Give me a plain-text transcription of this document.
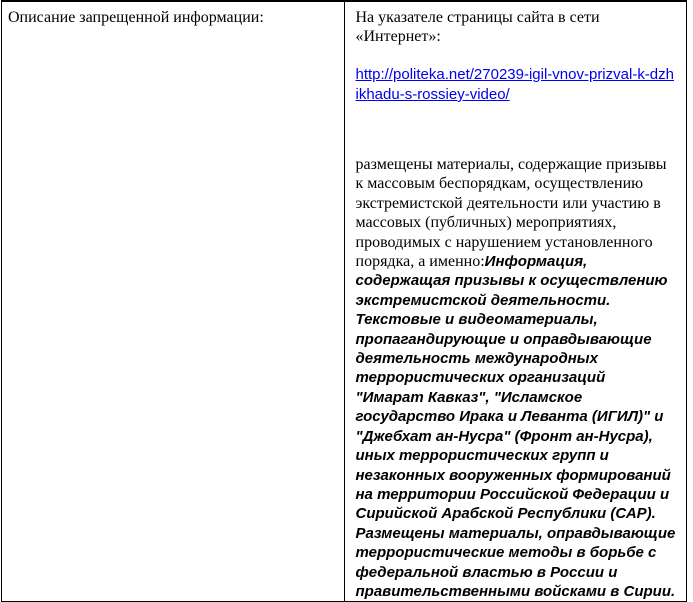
Описание запрещенной информации:	На указателе страницы сайта в сети «Интернет»:
http://politeka.net/270239-igil-vnov-prizval-k-dzhikhadu-s-rossiey-video/
размещены материалы, содержащие призывы к массовым беспорядкам, осуществлению экстремистской деятельности или участию в массовых (публичных) мероприятиях, проводимых с нарушением установленного порядка, а именно:Информация, содержащая призывы к осуществлению экстремистской деятельности. Текстовые и видеоматериалы, пропагандирующие и оправдывающие деятельность международных террористических организаций "Имарат Кавказ", "Исламское государство Ирака и Леванта (ИГИЛ)" и "Джебхат ан-Нусра" (Фронт ан-Нусра), иных террористических групп и незаконных вооруженных формирований на территории Российской Федерации и Сирийской Арабской Республики (САР). Размещены материалы, оправдывающие террористические методы в борьбе с федеральной властью в России и правительственными войсками в Сирии.
